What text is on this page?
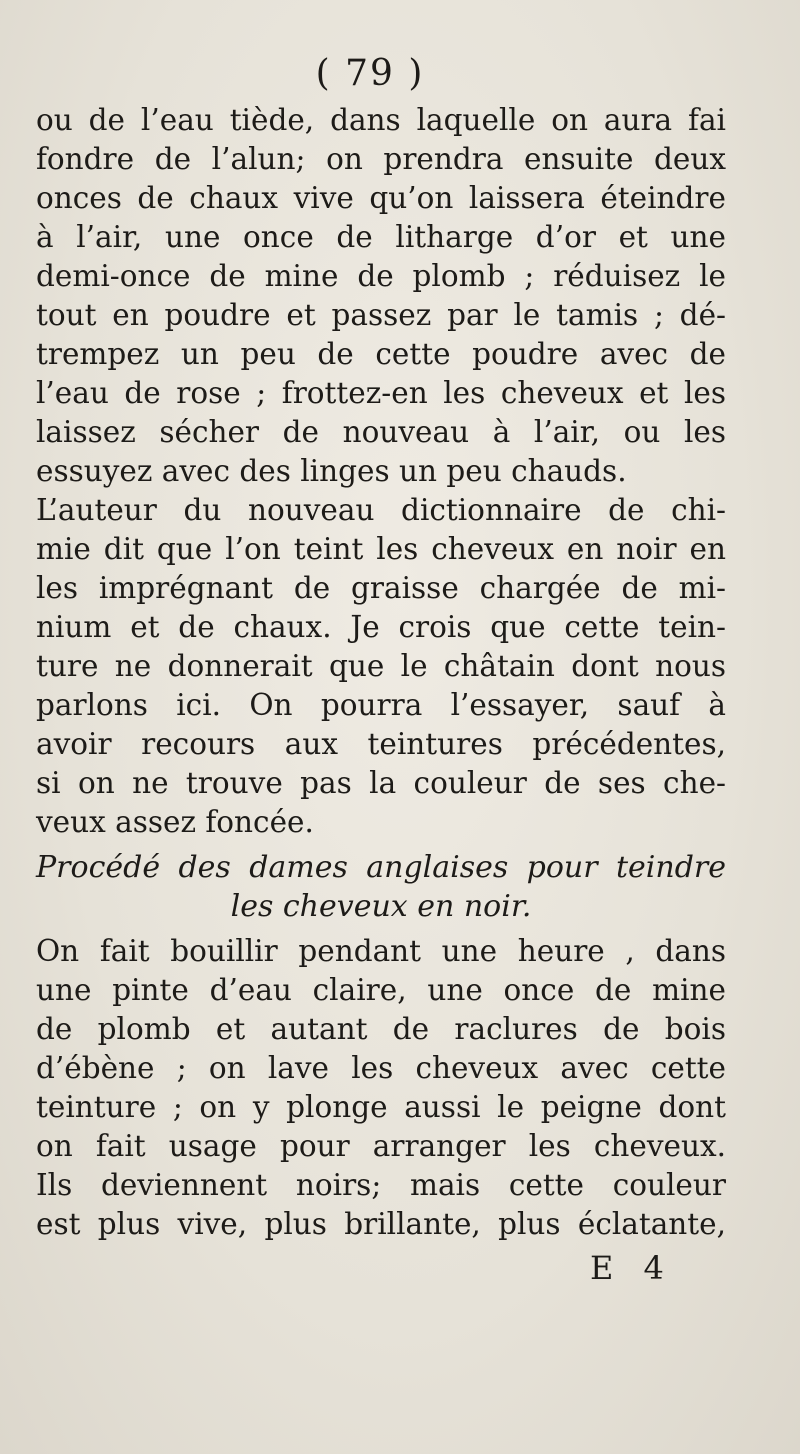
( 79 )
ou de l’eau tiède, dans laquelle on aura fai
fondre de l’alun; on prendra ensuite deux
onces de chaux vive qu’on laissera éteindre
à l’air, une once de litharge d’or et une
demi-once de mine de plomb ; réduisez le
tout en poudre et passez par le tamis ; dé-
trempez un peu de cette poudre avec de
l’eau de rose ; frottez-en les cheveux et les
laissez sécher de nouveau à l’air, ou les
essuyez avec des linges un peu chauds.
L’auteur du nouveau dictionnaire de chi-
mie dit que l’on teint les cheveux en noir en
les imprégnant de graisse chargée de mi-
nium et de chaux. Je crois que cette tein-
ture ne donnerait que le châtain dont nous
parlons ici. On pourra l’essayer, sauf à
avoir recours aux teintures précédentes,
si on ne trouve pas la couleur de ses che-
veux assez foncée.
Procédé des dames anglaises pour teindre
les cheveux en noir.
On fait bouillir pendant une heure , dans
une pinte d’eau claire, une once de mine
de plomb et autant de raclures de bois
d’ébène ; on lave les cheveux avec cette
teinture ; on y plonge aussi le peigne dont
on fait usage pour arranger les cheveux.
Ils deviennent noirs; mais cette couleur
est plus vive, plus brillante, plus éclatante,
E 4
